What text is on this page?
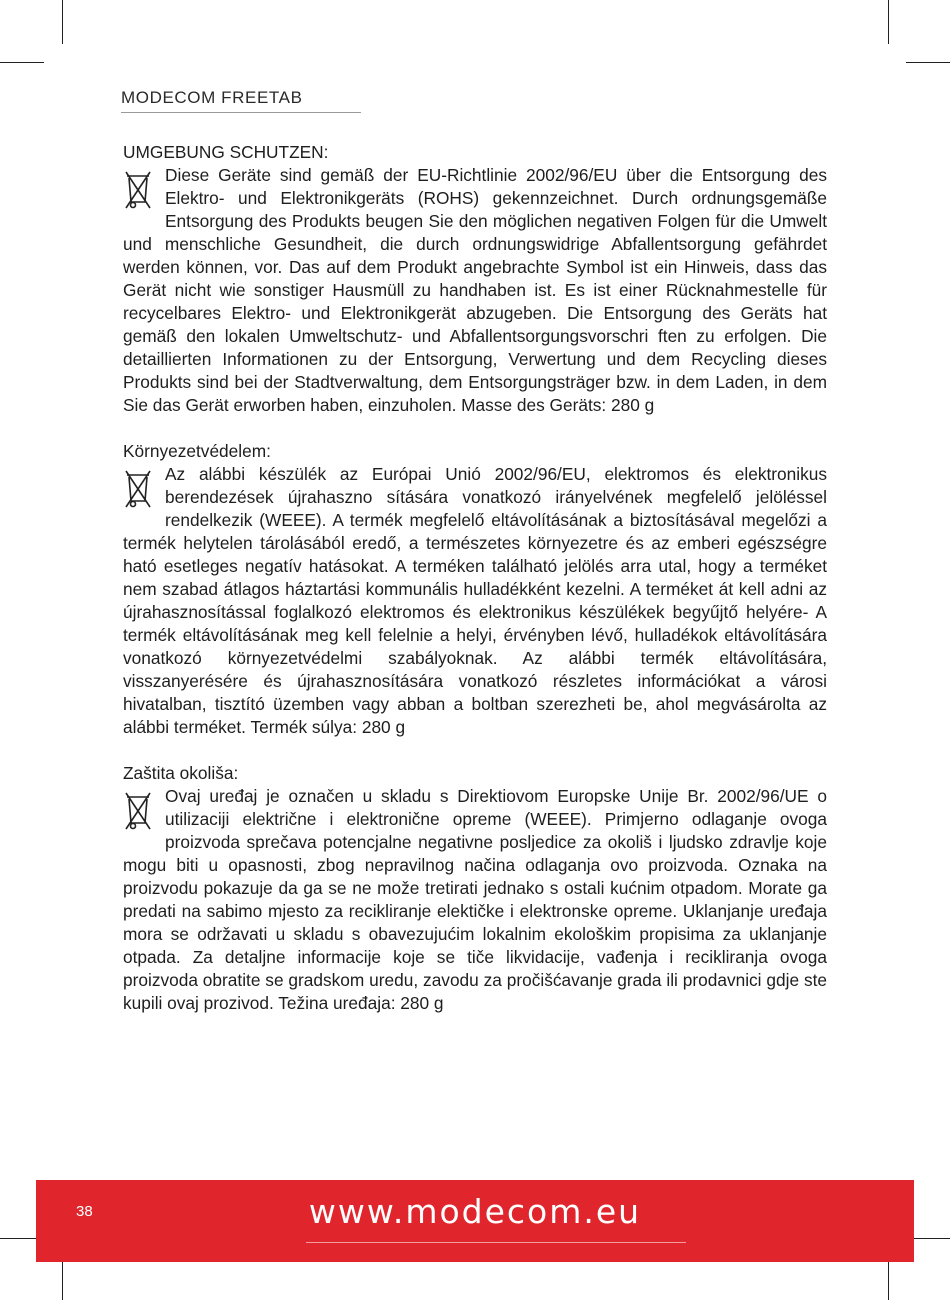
MODECOM FREETAB
UMGEBUNG SCHUTZEN:

Diese Geräte sind gemäß der EU-Richtlinie 2002/96/EU über die Entsorgung des Elektro- und Elektronikgeräts (ROHS) gekennzeichnet. Durch ordnungsgemäße Entsorgung des Produkts beugen Sie den möglichen negativen Folgen für die Umwelt und menschliche Gesundheit, die durch ordnungswidrige Abfallentsorgung gefährdet werden können, vor. Das auf dem Produkt angebrachte Symbol ist ein Hinweis, dass das Gerät nicht wie sonstiger Hausmüll zu handhaben ist. Es ist einer Rücknahmestelle für recycelbares Elektro- und Elektronikgerät abzugeben. Die Entsorgung des Geräts hat gemäß den lokalen Umweltschutz- und Abfallentsorgungsvorschri ften zu erfolgen. Die detaillierten Informationen zu der Entsorgung, Verwertung und dem Recycling dieses Produkts sind bei der Stadtverwaltung, dem Entsorgungsträger bzw. in dem Laden, in dem Sie das Gerät erworben haben, einzuholen. Masse des Geräts: 280 g

Környezetvédelem:

Az alábbi készülék az Európai Unió 2002/96/EU, elektromos és elektronikus berendezések újrahaszno sítására vonatkozó irányelvének megfelelő jelöléssel rendelkezik (WEEE). A termék megfelelő eltávolításának a biztosításával megelőzi a termék helytelen tárolásából eredő, a természetes környezetre és az emberi egészségre ható esetleges negatív hatásokat. A terméken található jelölés arra utal, hogy a terméket nem szabad átlagos háztartási kommunális hulladékként kezelni. A terméket át kell adni az újrahasznosítással foglalkozó elektromos és elektronikus készülékek begyűjtő helyére- A termék eltávolításának meg kell felelnie a helyi, érvényben lévő, hulladékok eltávolítására vonatkozó környezetvédelmi szabályoknak. Az alábbi termék eltávolítására, visszanyerésére és újrahasznosítására vonatkozó részletes információkat a városi hivatalban, tisztító üzemben vagy abban a boltban szerezheti be, ahol megvásárolta az alábbi terméket. Termék súlya: 280 g

Zaštita okoliša:

Ovaj uređaj je označen u skladu s Direktiovom Europske Unije Br. 2002/96/UE o utilizaciji električne i elektronične opreme (WEEE). Primjerno odlaganje ovoga proizvoda sprečava potencjalne negativne posljedice za okoliš i ljudsko zdravlje koje mogu biti u opasnosti, zbog nepravilnog načina odlaganja ovo proizvoda. Oznaka na proizvodu pokazuje da ga se ne može tretirati jednako s ostali kućnim otpadom. Morate ga predati na sabimo mjesto za recikliranje elektičke i elektronske opreme. Uklanjanje uređaja mora se održavati u skladu s obavezujućim lokalnim ekološkim propisima za uklanjanje otpada. Za detaljne informacije koje se tiče likvidacije, vađenja i recikliranja ovoga proizvoda obratite se gradskom uredu, zavodu za pročišćavanje grada ili prodavnici gdje ste kupili ovaj prozivod. Težina uređaja: 280 g

38	www.modecom.eu
